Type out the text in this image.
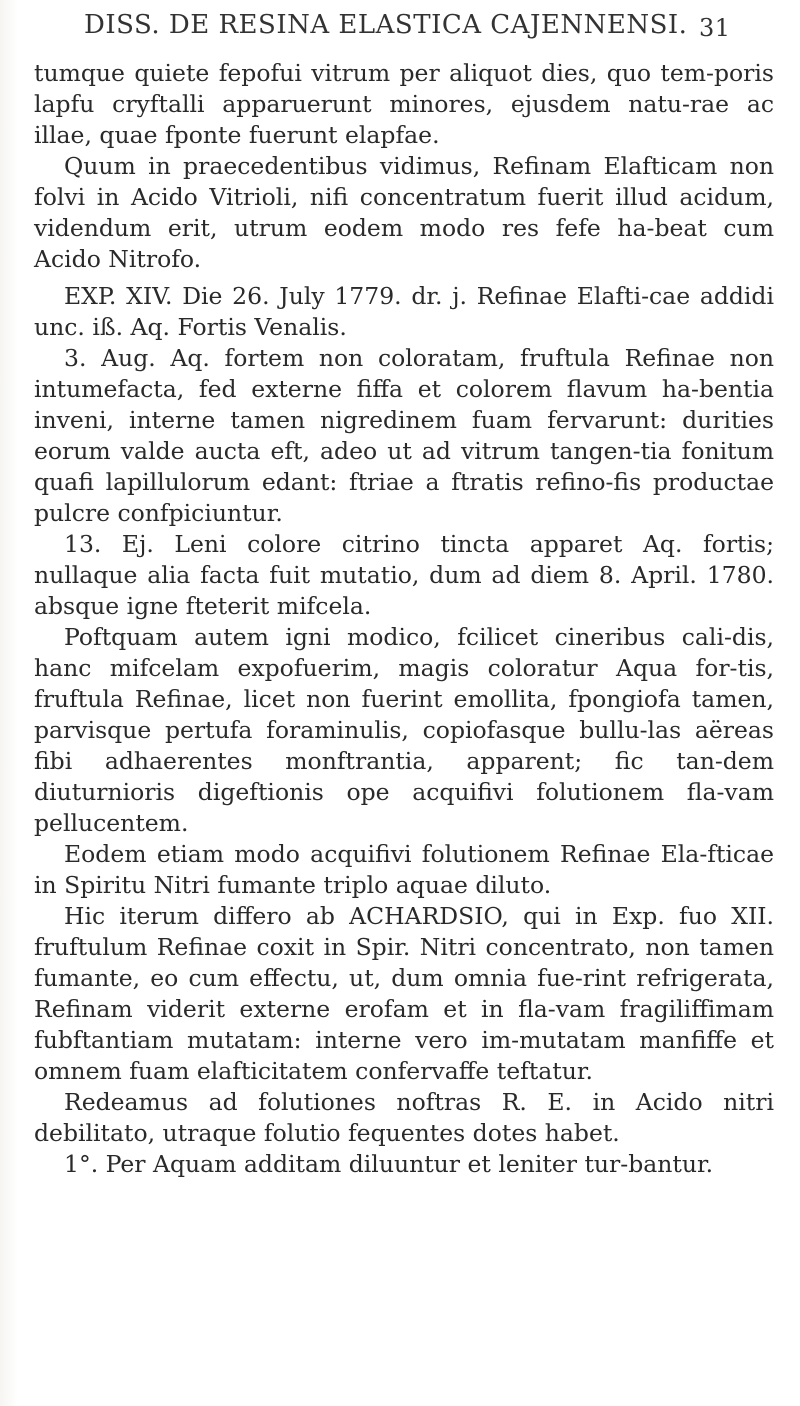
DISS. DE RESINA ELASTICA CAJENNENSI. 31

tumque quiete fepofui vitrum per aliquot dies, quo tem-poris lapfu cryftalli apparuerunt minores, ejusdem natu-rae ac illae, quae fponte fuerunt elapfae.

Quum in praecedentibus vidimus, Refinam Elafticam non folvi in Acido Vitrioli, nifi concentratum fuerit illud acidum, videndum erit, utrum eodem modo res fefe ha-beat cum Acido Nitrofo.

EXP. XIV. Die 26. July 1779. dr. j. Refinae Elafti-cae addidi unc. iß. Aq. Fortis Venalis.

3. Aug. Aq. fortem non coloratam, fruftula Refinae non intumefacta, fed externe fiffa et colorem flavum ha-bentia inveni, interne tamen nigredinem fuam fervarunt: durities eorum valde aucta eft, adeo ut ad vitrum tangen-tia fonitum quafi lapillulorum edant: ftriae a ftratis refino-fis productae pulcre confpiciuntur.

13. Ej. Leni colore citrino tincta apparet Aq. fortis; nullaque alia facta fuit mutatio, dum ad diem 8. April. 1780. absque igne fteterit mifcela.

Poftquam autem igni modico, fcilicet cineribus cali-dis, hanc mifcelam expofuerim, magis coloratur Aqua for-tis, fruftula Refinae, licet non fuerint emollita, fpongiofa tamen, parvisque pertufa foraminulis, copiofasque bullu-las aëreas fibi adhaerentes monftrantia, apparent; fic tan-dem diuturnioris digeftionis ope acquifivi folutionem fla-vam pellucentem.

Eodem etiam modo acquifivi folutionem Refinae Ela-fticae in Spiritu Nitri fumante triplo aquae diluto.

Hic iterum differo ab ACHARDSIO, qui in Exp. fuo XII. fruftulum Refinae coxit in Spir. Nitri concentrato, non tamen fumante, eo cum effectu, ut, dum omnia fue-rint refrigerata, Refinam viderit externe erofam et in fla-vam fragiliffimam fubftantiam mutatam: interne vero im-mutatam manfiffe et omnem fuam elafticitatem confervaffe teftatur.

Redeamus ad folutiones noftras R. E. in Acido nitri debilitato, utraque folutio fequentes dotes habet.

1°. Per Aquam additam diluuntur et leniter tur-bantur.
